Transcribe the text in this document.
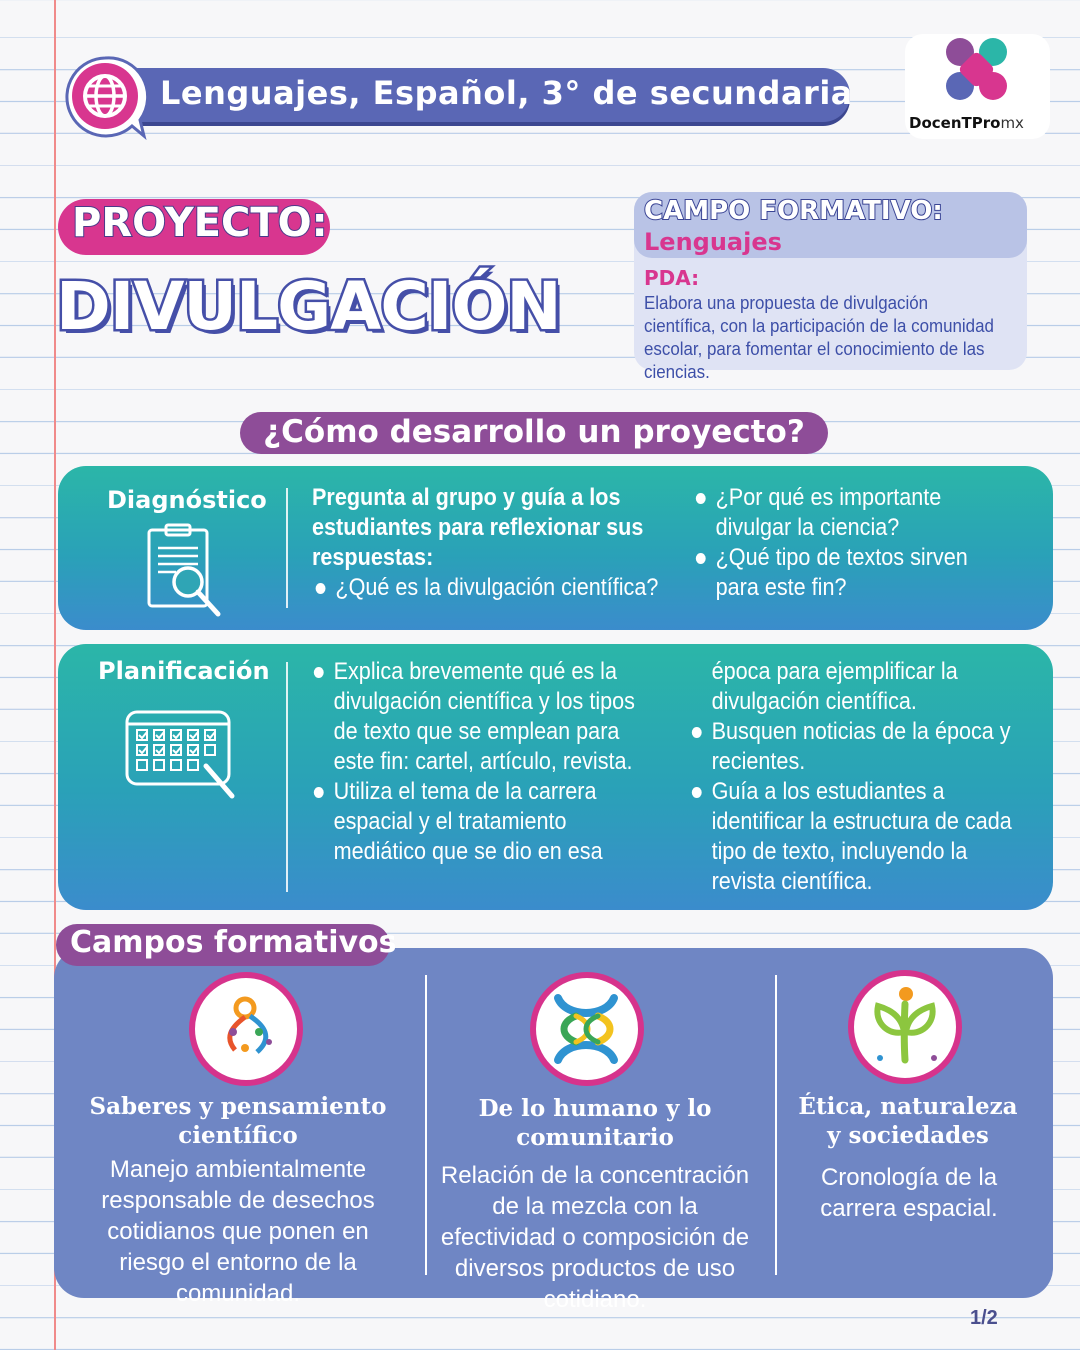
Lenguajes, Español, 3° de secundaria
DocenTPromx
PROYECTO:
DIVULGACIÓN
CAMPO FORMATIVO:
Lenguajes
PDA:
Elabora una propuesta de divulgación científica, con la participación de la comunidad escolar, para fomentar el conocimiento de las ciencias.
¿Cómo desarrollo un proyecto?
Diagnóstico Pregunta al grupo y guía a los estudiantes para reflexionar sus respuestas:
¿Qué es la divulgación científica?
¿Por qué es importante divulgar la ciencia?
¿Qué tipo de textos sirven para este fin?
Planificación	Explica brevemente qué es la divulgación científica y los tipos de texto que se emplean para este fin: cartel, artículo, revista.
Utiliza el tema de la carrera espacial y el tratamiento mediático que se dio en esa
época para ejemplificar la divulgación científica.
Busquen noticias de la época y recientes.
Guía a los estudiantes a identificar la estructura de cada tipo de texto, incluyendo la revista científica.
Campos formativos
Saberes y pensamiento científico
Manejo ambientalmente responsable de desechos cotidianos que ponen en riesgo el entorno de la comunidad.
De lo humano y lo comunitario
Relación de la concentración de la mezcla con la efectividad o composición de diversos productos de uso cotidiano.
Ética, naturaleza y sociedades
Cronología de la carrera espacial.
1/2
